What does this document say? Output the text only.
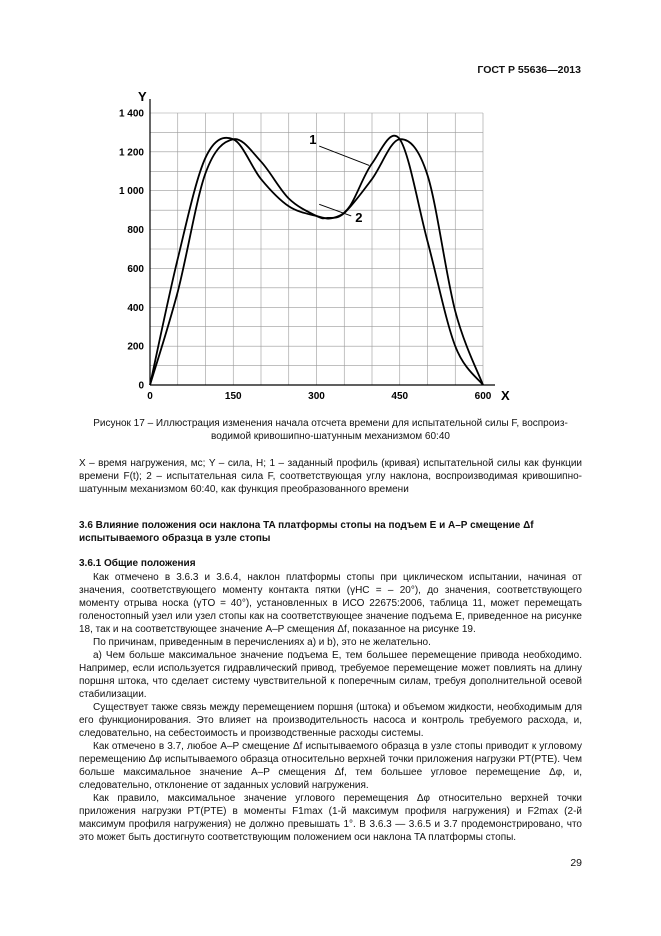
ГОСТ Р 55636—2013
0
200
400
600
800
1 000
1 200
1 400
0	150	300	450	600 X
Y
1
2
Рисунок 17 – Иллюстрация изменения начала отсчета времени для испытательной силы F, воспроиз-
водимой кривошипно-шатунным механизмом 60:40
X – время нагружения, мс; Y – сила, Н; 1 – заданный профиль (кривая) испытательной силы как функции времени F(t); 2 – испытательная сила F, соответствующая углу наклона, воспроизводимая кривошипно-шатунным механизмом 60:40, как функция преобразованного времени
3.6 Влияние положения оси наклона TA платформы стопы на подъем E и A–P смещение Δf испытываемого образца в узле стопы
3.6.1 Общие положения

Как отмечено в 3.6.3 и 3.6.4, наклон платформы стопы при циклическом испытании, начиная от значения, соответствующего моменту контакта пятки (γHC = – 20°), до значения, соответствующего моменту отрыва носка (γTO = 40°), установленных в ИСО 22675:2006, таблица 11, может перемещать голеностопный узел или узел стопы как на соответствующее значение подъема E, приведенное на рисунке 18, так и на соответствующее значение A–P смещения Δf, показанное на рисунке 19.

По причинам, приведенным в перечислениях а) и b), это не желательно.

а) Чем больше максимальное значение подъема E, тем большее перемещение привода необходимо. Например, если используется гидравлический привод, требуемое перемещение может повлиять на длину поршня штока, что сделает систему чувствительной к поперечным силам, требуя дополнительной осевой стабилизации.

Существует также связь между перемещением поршня (штока) и объемом жидкости, необходимым для его функционирования. Это влияет на производительность насоса и контроль требуемого расхода, и, следовательно, на себестоимость и производственные расходы системы.

Как отмечено в 3.7, любое A–P смещение Δf испытываемого образца в узле стопы приводит к угловому перемещению Δφ испытываемого образца относительно верхней точки приложения нагрузки PT(PTE). Чем больше максимальное значение A–P смещения Δf, тем большее угловое перемещение Δφ, и, следовательно, отклонение от заданных условий нагружения.

Как правило, максимальное значение углового перемещения Δφ относительно верхней точки приложения нагрузки PT(PTE) в моменты F1max (1-й максимум профиля нагружения) и F2max (2-й максимум профиля нагружения) не должно превышать 1°. В 3.6.3 — 3.6.5 и 3.7 продемонстрировано, что это может быть достигнуто соответствующим положением оси наклона TA платформы стопы.

29
